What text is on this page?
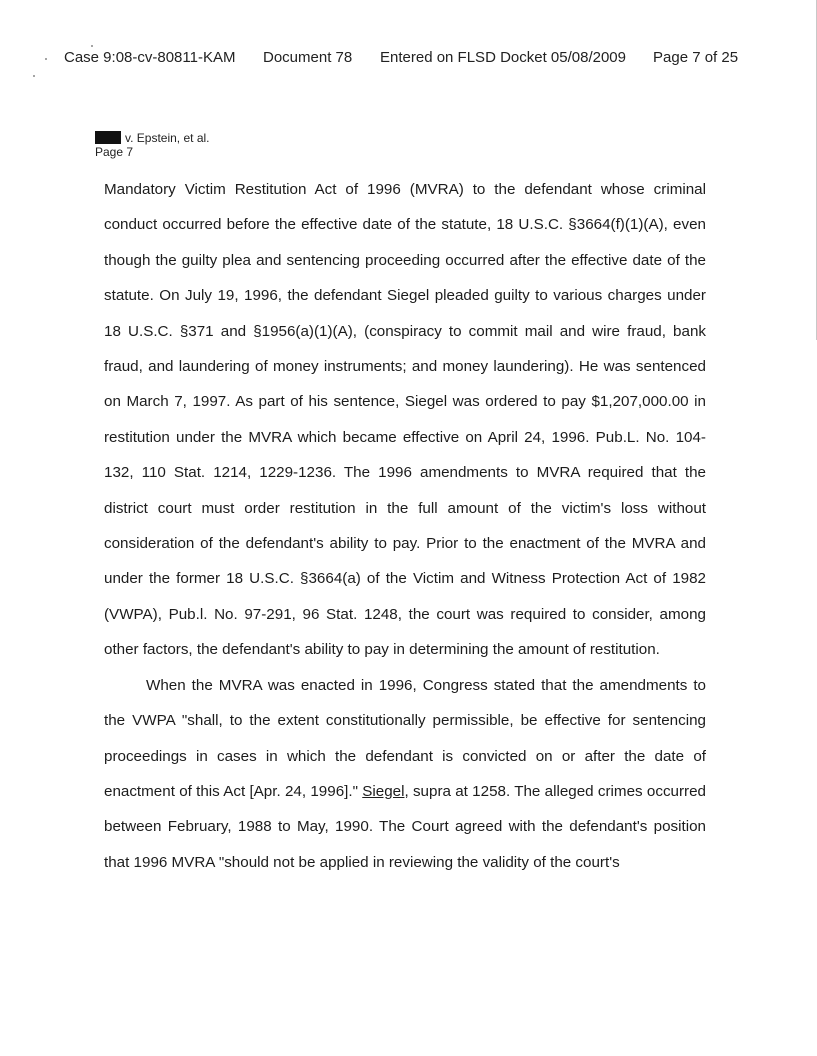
Case 9:08-cv-80811-KAM Document 78 Entered on FLSD Docket 05/08/2009 Page 7 of 25
v. Epstein, et al.
Page 7

Mandatory Victim Restitution Act of 1996 (MVRA) to the defendant whose criminal conduct occurred before the effective date of the statute, 18 U.S.C. §3664(f)(1)(A), even though the guilty plea and sentencing proceeding occurred after the effective date of the statute. On July 19, 1996, the defendant Siegel pleaded guilty to various charges under 18 U.S.C. §371 and §1956(a)(1)(A), (conspiracy to commit mail and wire fraud, bank fraud, and laundering of money instruments; and money laundering). He was sentenced on March 7, 1997. As part of his sentence, Siegel was ordered to pay $1,207,000.00 in restitution under the MVRA which became effective on April 24, 1996. Pub.L. No. 104-132, 110 Stat. 1214, 1229-1236. The 1996 amendments to MVRA required that the district court must order restitution in the full amount of the victim's loss without consideration of the defendant's ability to pay. Prior to the enactment of the MVRA and under the former 18 U.S.C. §3664(a) of the Victim and Witness Protection Act of 1982 (VWPA), Pub.l. No. 97-291, 96 Stat. 1248, the court was required to consider, among other factors, the defendant's ability to pay in determining the amount of restitution.

When the MVRA was enacted in 1996, Congress stated that the amendments to the VWPA "shall, to the extent constitutionally permissible, be effective for sentencing proceedings in cases in which the defendant is convicted on or after the date of enactment of this Act [Apr. 24, 1996]." Siegel, supra at 1258. The alleged crimes occurred between February, 1988 to May, 1990. The Court agreed with the defendant's position that 1996 MVRA "should not be applied in reviewing the validity of the court's
